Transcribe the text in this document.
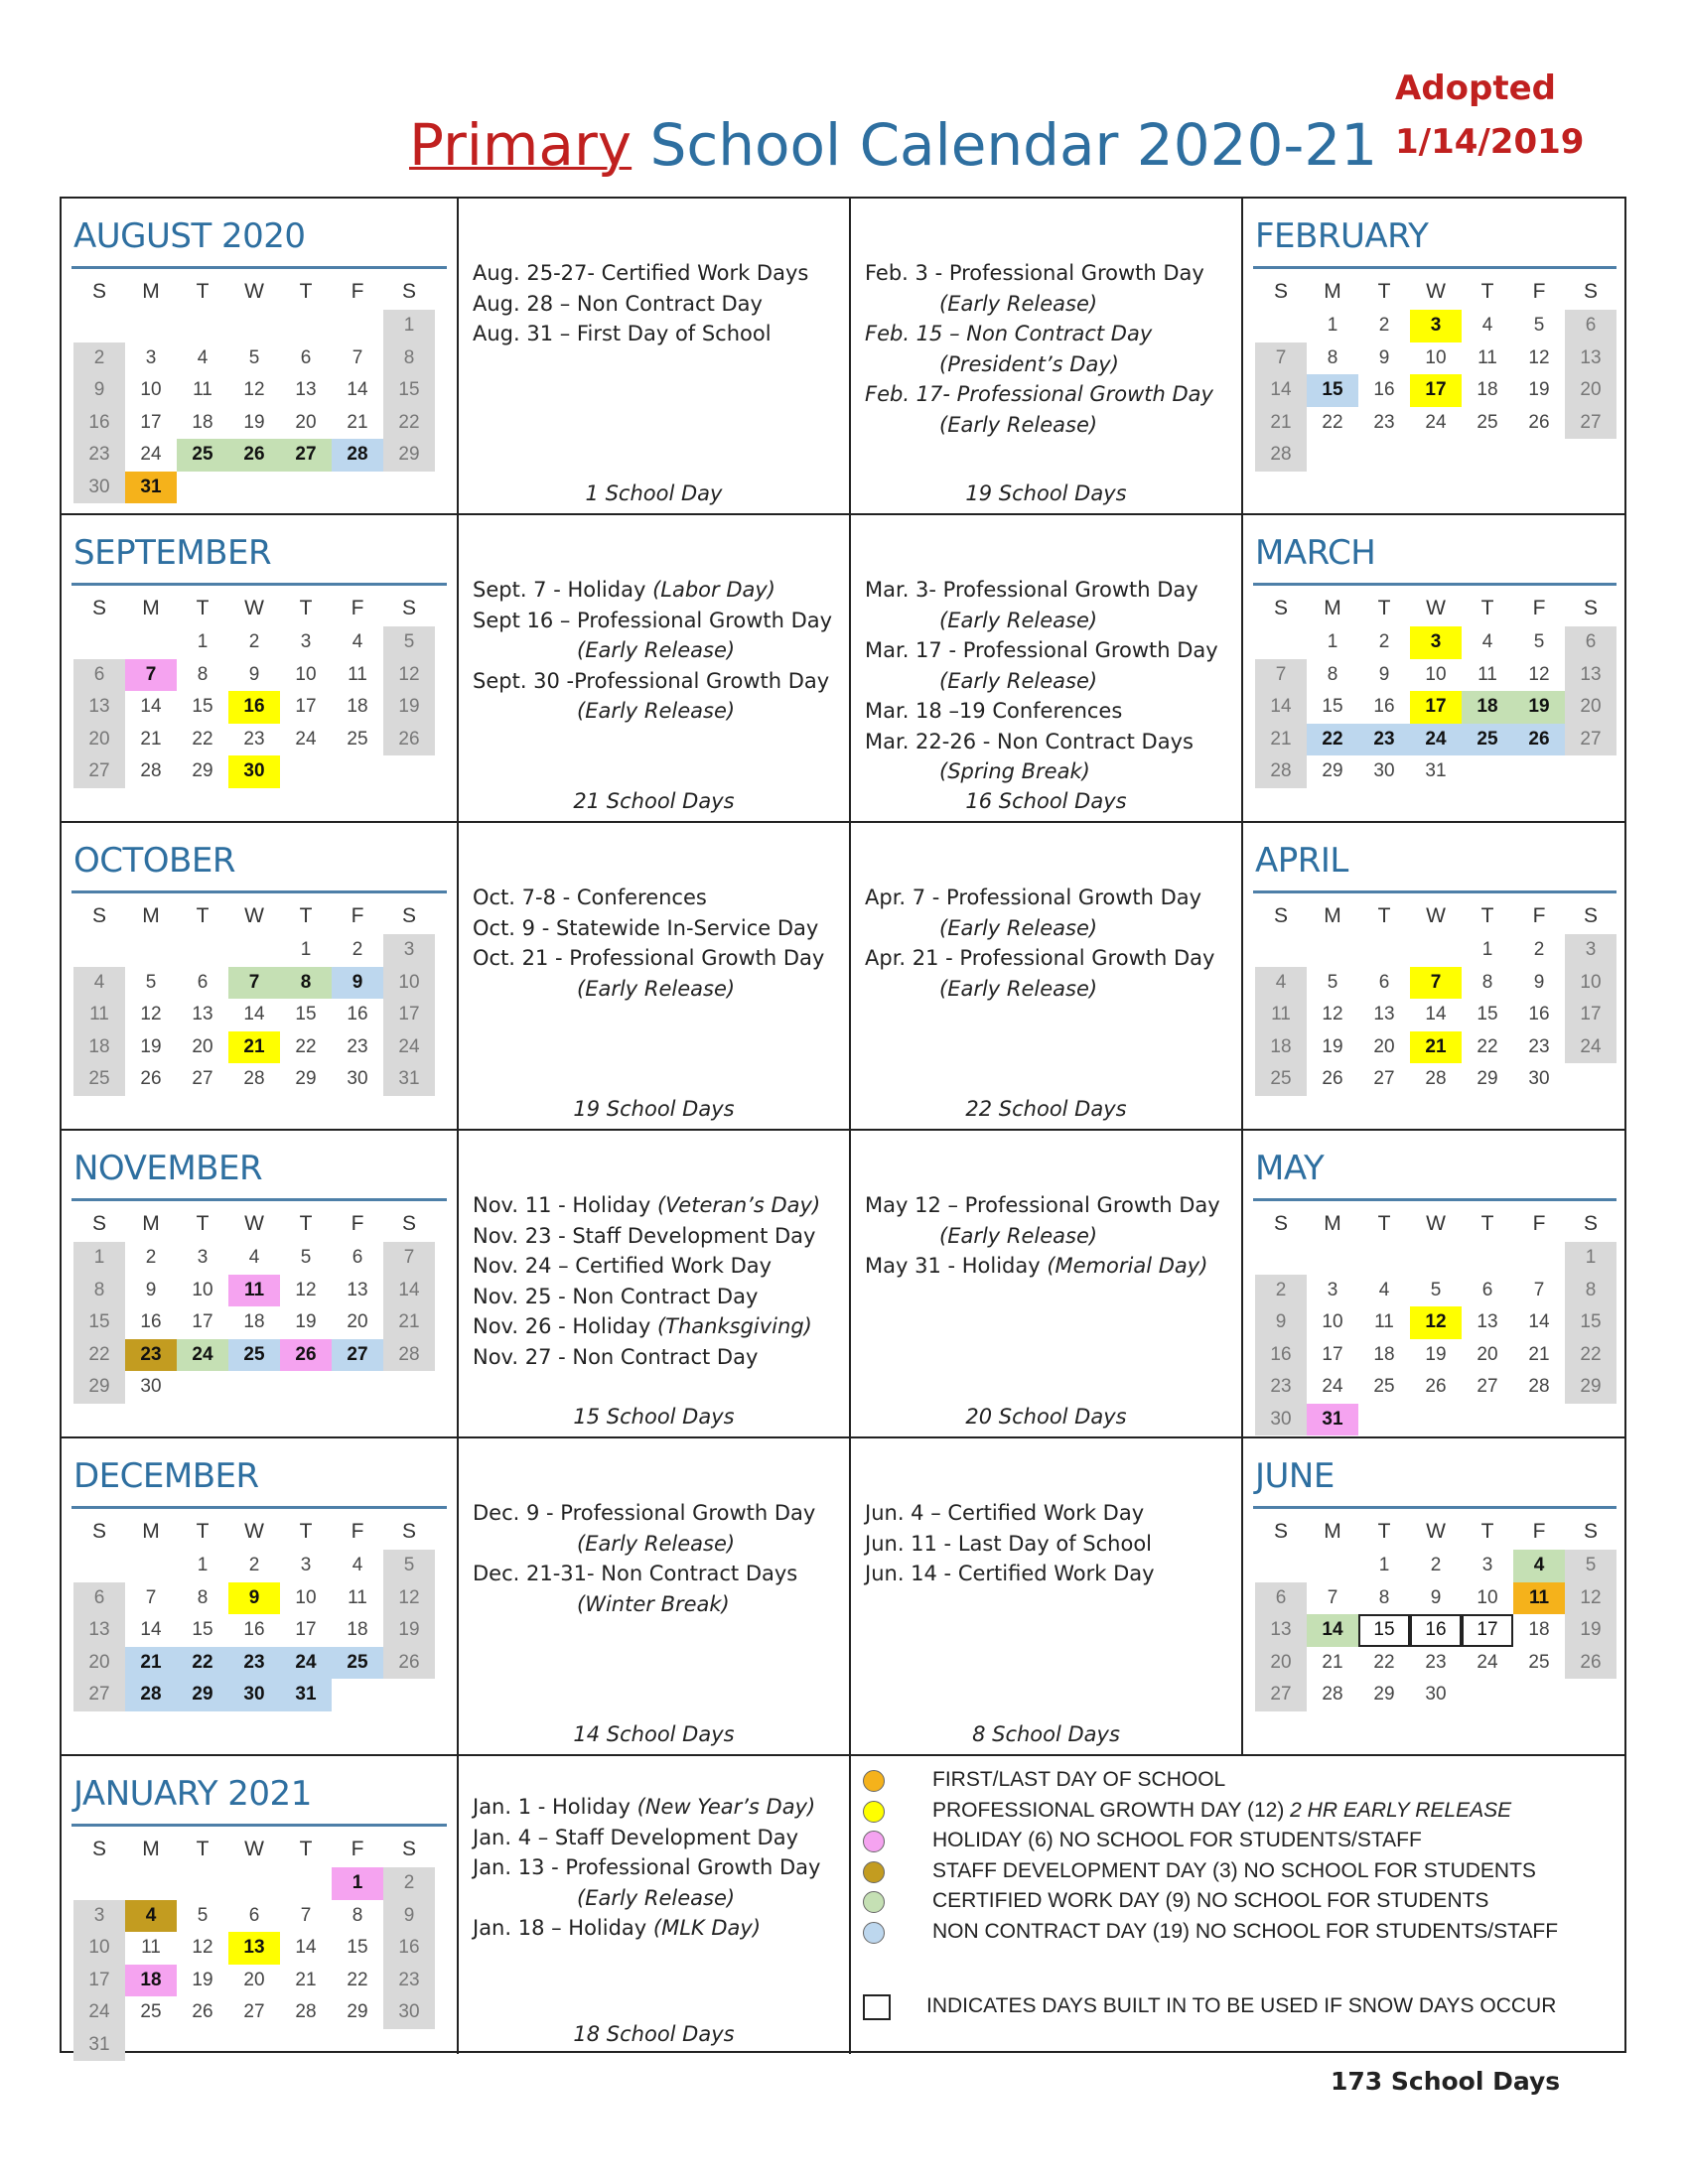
Adopted
1/14/2019
Primary School Calendar 2020-21
AUGUST 2020
S	M	T	W	T	F	S
						1
2	3	4	5	6	7	8
9	10	11	12	13	14	15
16	17	18	19	20	21	22
23	24	25	26	27	28	29
30	31					
SEPTEMBER
S	M	T	W	T	F	S
		1	2	3	4	5
6	7	8	9	10	11	12
13	14	15	16	17	18	19
20	21	22	23	24	25	26
27	28	29	30			
OCTOBER
S	M	T	W	T	F	S
				1	2	3
4	5	6	7	8	9	10
11	12	13	14	15	16	17
18	19	20	21	22	23	24
25	26	27	28	29	30	31
NOVEMBER
S	M	T	W	T	F	S
1	2	3	4	5	6	7
8	9	10	11	12	13	14
15	16	17	18	19	20	21
22	23	24	25	26	27	28
29	30					
DECEMBER
S	M	T	W	T	F	S
		1	2	3	4	5
6	7	8	9	10	11	12
13	14	15	16	17	18	19
20	21	22	23	24	25	26
27	28	29	30	31		
JANUARY 2021
S	M	T	W	T	F	S
					1	2
3	4	5	6	7	8	9
10	11	12	13	14	15	16
17	18	19	20	21	22	23
24	25	26	27	28	29	30
31						
FEBRUARY
S	M	T	W	T	F	S
	1	2	3	4	5	6
7	8	9	10	11	12	13
14	15	16	17	18	19	20
21	22	23	24	25	26	27
28						
MARCH
S	M	T	W	T	F	S
	1	2	3	4	5	6
7	8	9	10	11	12	13
14	15	16	17	18	19	20
21	22	23	24	25	26	27
28	29	30	31			
APRIL
S	M	T	W	T	F	S
				1	2	3
4	5	6	7	8	9	10
11	12	13	14	15	16	17
18	19	20	21	22	23	24
25	26	27	28	29	30	
MAY
S	M	T	W	T	F	S
						1
2	3	4	5	6	7	8
9	10	11	12	13	14	15
16	17	18	19	20	21	22
23	24	25	26	27	28	29
30	31					
JUNE
S	M	T	W	T	F	S
		1	2	3	4	5
6	7	8	9	10	11	12
13	14	15	16	17	18	19
20	21	22	23	24	25	26
27	28	29	30			
Aug. 25-27- Certified Work Days
Aug. 28 – Non Contract Day
Aug. 31 – First Day of School
1 School Day
Feb. 3 - Professional Growth Day
(Early Release)
Feb. 15 – Non Contract Day
(President’s Day)
Feb. 17- Professional Growth Day
(Early Release)
19 School Days
Sept. 7 - Holiday (Labor Day)
Sept 16 – Professional Growth Day
(Early Release)
Sept. 30 -Professional Growth Day
(Early Release)
21 School Days
Mar. 3- Professional Growth Day
(Early Release)
Mar. 17 - Professional Growth Day
(Early Release)
Mar. 18 –19 Conferences
Mar. 22-26 - Non Contract Days
(Spring Break)
16 School Days
Oct. 7-8 - Conferences
Oct. 9 - Statewide In-Service Day
Oct. 21 - Professional Growth Day
(Early Release)
19 School Days
Apr. 7 - Professional Growth Day
(Early Release)
Apr. 21 - Professional Growth Day
(Early Release)
22 School Days
Nov. 11 - Holiday (Veteran’s Day)
Nov. 23 - Staff Development Day
Nov. 24 – Certified Work Day
Nov. 25 - Non Contract Day
Nov. 26 - Holiday (Thanksgiving)
Nov. 27 - Non Contract Day
15 School Days
May 12 – Professional Growth Day
(Early Release)
May 31 - Holiday (Memorial Day)
20 School Days
Dec. 9 - Professional Growth Day
(Early Release)
Dec. 21-31- Non Contract Days
(Winter Break)
14 School Days
Jun. 4 – Certified Work Day
Jun. 11 - Last Day of School
Jun. 14 - Certified Work Day
8 School Days
Jan. 1 - Holiday (New Year’s Day)
Jan. 4 – Staff Development Day
Jan. 13 - Professional Growth Day
(Early Release)
Jan. 18 – Holiday (MLK Day)
18 School Days
FIRST/LAST DAY OF SCHOOL
PROFESSIONAL GROWTH DAY (12) 2 HR EARLY RELEASE
HOLIDAY (6) NO SCHOOL FOR STUDENTS/STAFF
STAFF DEVELOPMENT DAY (3) NO SCHOOL FOR STUDENTS
CERTIFIED WORK DAY (9) NO SCHOOL FOR STUDENTS
NON CONTRACT DAY (19) NO SCHOOL FOR STUDENTS/STAFF
INDICATES DAYS BUILT IN TO BE USED IF SNOW DAYS OCCUR
173 School Days
